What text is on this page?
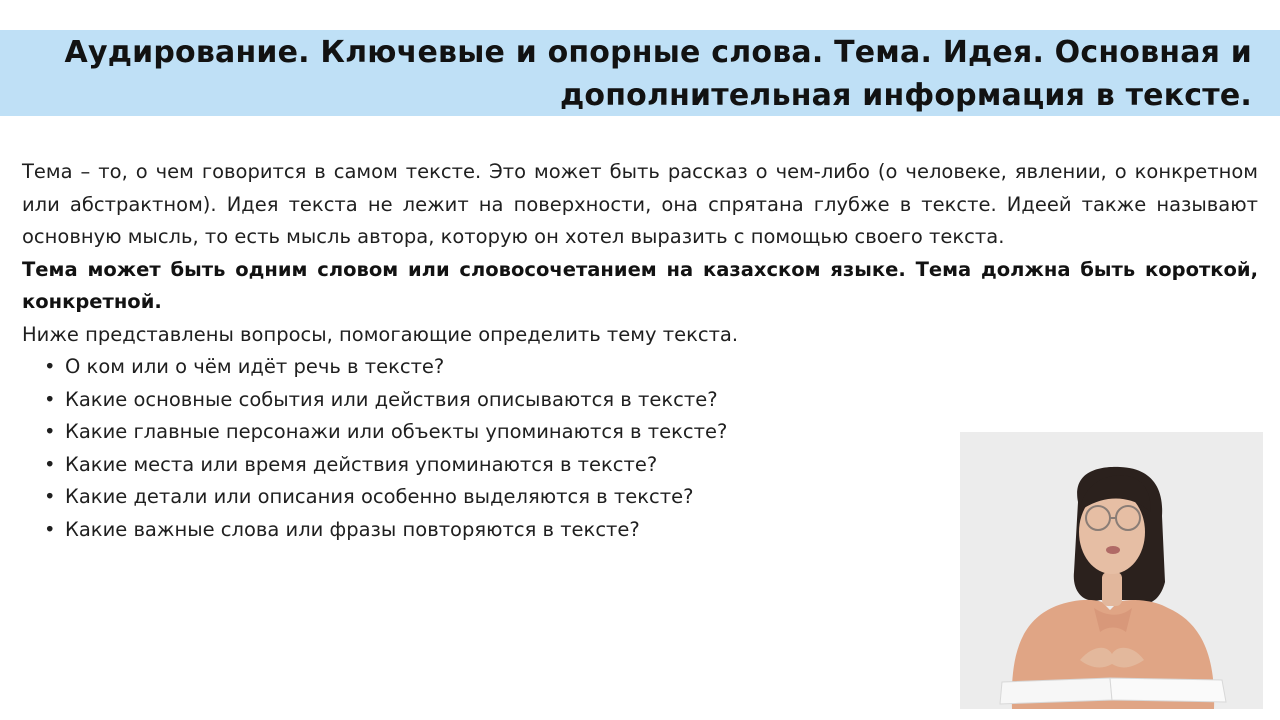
Аудирование. Ключевые и опорные слова. Тема. Идея. Основная и дополнительная информация в тексте.

Тема – то, о чем говорится в самом тексте. Это может быть рассказ о чем-либо (о человеке, явлении, о конкретном или абстрактном). Идея текста не лежит на поверхности, она спрятана глубже в тексте. Идеей также называют основную мысль, то есть мысль автора, которую он хотел выразить с помощью своего текста.

Тема может быть одним словом или словосочетанием на казахском языке. Тема должна быть короткой, конкретной.

Ниже представлены вопросы, помогающие определить тему текста.

• О ком или о чём идёт речь в тексте?
• Какие основные события или действия описываются в тексте?
• Какие главные персонажи или объекты упоминаются в тексте?
• Какие места или время действия упоминаются в тексте?
• Какие детали или описания особенно выделяются в тексте?
• Какие важные слова или фразы повторяются в тексте?
